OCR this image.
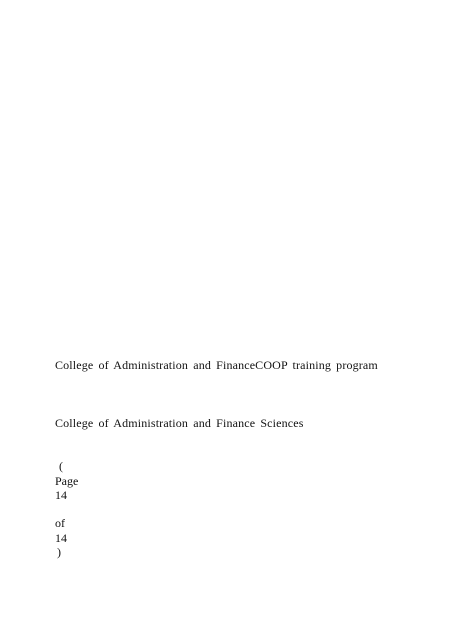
College of Administration and FinanceCOOP training program
College of Administration and Finance Sciences
(
Page
14
of
14
)
